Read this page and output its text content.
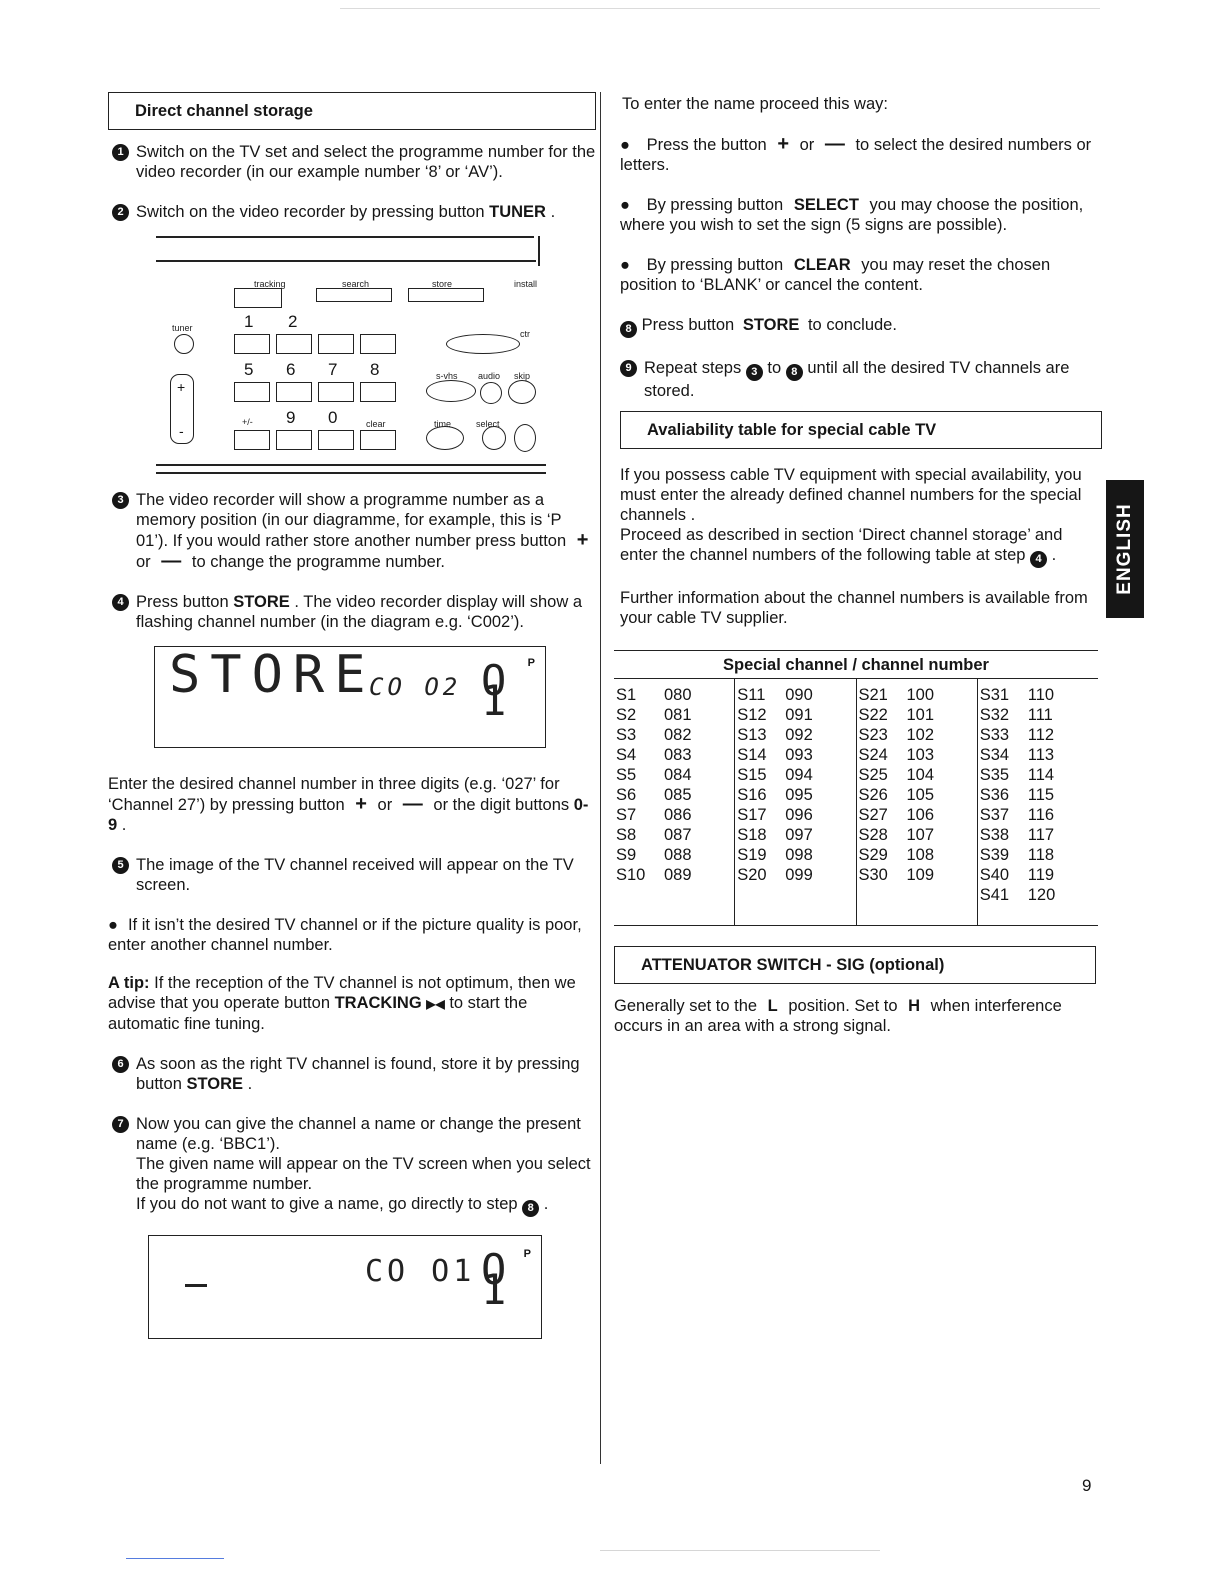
Direct channel storage
1 Switch on the TV set and select the programme number for the video recorder (in our example number ‘8’ or ‘AV’).

2 Switch on the video recorder by pressing button TUNER .

tracking	search	store	install
tuner
ctr
1 2
5 6 7 8	s-vhs audio skip
+
-
+/- 9 0	clear	time	select
3 The video recorder will show a programme number as a memory position (in our diagramme, for example, this is ‘P 01’). If you would rather store another number press button + or — to change the programme number.

4 Press button STORE . The video recorder display will show a flashing channel number (in the diagram e.g. ‘C002’).

P
STORE
CO O2 O 1

Enter the desired channel number in three digits (e.g. ‘027’ for ‘Channel 27’) by pressing button + or — or the digit buttons 0-9 .

5 The image of the TV channel received will appear on the TV screen.

● If it isn’t the desired TV channel or if the picture quality is poor, enter another channel number.

A tip: If the reception of the TV channel is not optimum, then we advise that you operate button TRACKING ▶◀ to start the automatic fine tuning.

6 As soon as the right TV channel is found, store it by pressing button STORE .

7 Now you can give the channel a name or change the present name (e.g. ‘BBC1’).

The given name will appear on the TV screen when you select the programme number.

If you do not want to give a name, go directly to step 8 .

P
CO O1 O 1

To enter the name proceed this way:

● Press the button + or — to select the desired numbers or letters.

● By pressing button SELECT you may choose the position, where you wish to set the sign (5 signs are possible).

● By pressing button CLEAR you may reset the chosen position to ‘BLANK’ or cancel the content.

8 Press button STORE to conclude.

9 Repeat steps 3 to 8 until all the desired TV channels are stored.

Avaliability table for special cable TV

If you possess cable TV equipment with special availability, you must enter the already defined channel numbers for the special channels .

Proceed as described in section ‘Direct channel storage’ and enter the channel numbers of the following table at step 4 .

Further information about the channel numbers is available from your cable TV supplier.

Special channel / channel number
S1	080
S2	081
S3	082
S4	083
S5	084
S6	085
S7	086
S8	087
S9	088
S10	089
S11	090
S12	091
S13	092
S14	093
S15	094
S16	095
S17	096
S18	097
S19	098
S20	099
S21	100
S22	101
S23	102
S24	103
S25	104
S26	105
S27	106
S28	107
S29	108
S30	109
S31	110
S32	111
S33	112
S34	113
S35	114
S36	115
S37	116
S38	117
S39	118
S40	119
S41	120
ATTENUATOR SWITCH - SIG (optional)

Generally set to the L position. Set to H when interference occurs in an area with a strong signal.

ENGLISH
9
